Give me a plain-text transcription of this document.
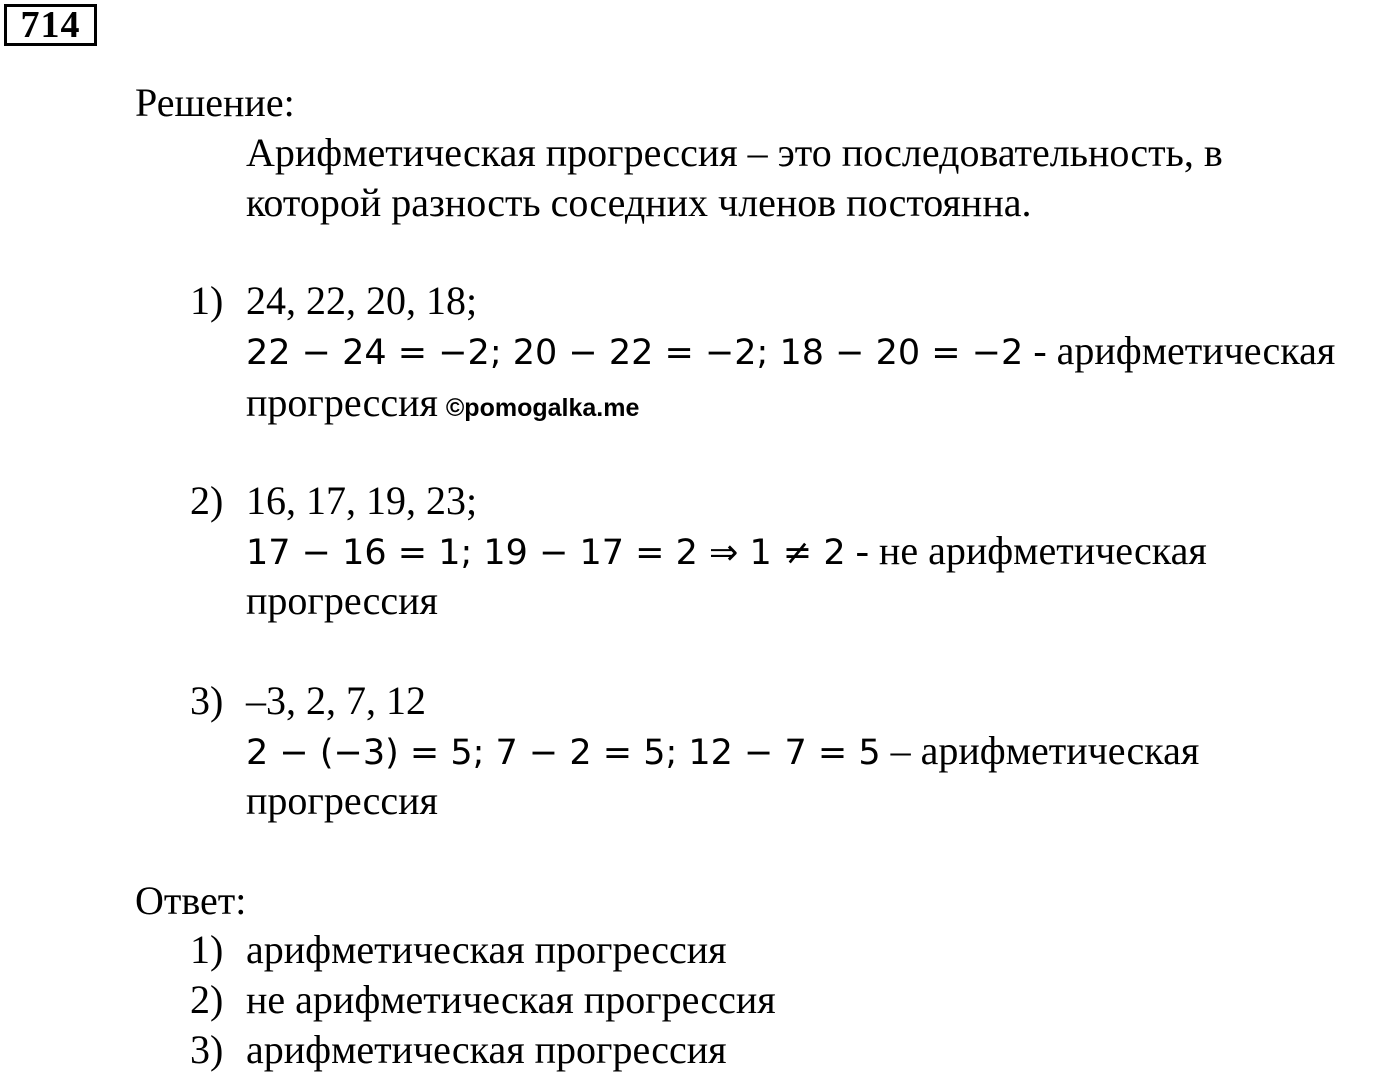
714
Решение:
Арифметическая прогрессия – это последовательность, в
которой разность соседних членов постоянна.
1) 24, 22, 20, 18;
22 − 24 = −2; 20 − 22 = −2; 18 − 20 = −2 - арифметическая
прогрессия ©pomogalka.me
2) 16, 17, 19, 23;
17 − 16 = 1; 19 − 17 = 2 ⇒ 1 ≠ 2 - не арифметическая
прогрессия
3) –3, 2, 7, 12
2 − (−3) = 5; 7 − 2 = 5; 12 − 7 = 5 – арифметическая
прогрессия
Ответ:
1) арифметическая прогрессия
2) не арифметическая прогрессия
3) арифметическая прогрессия
